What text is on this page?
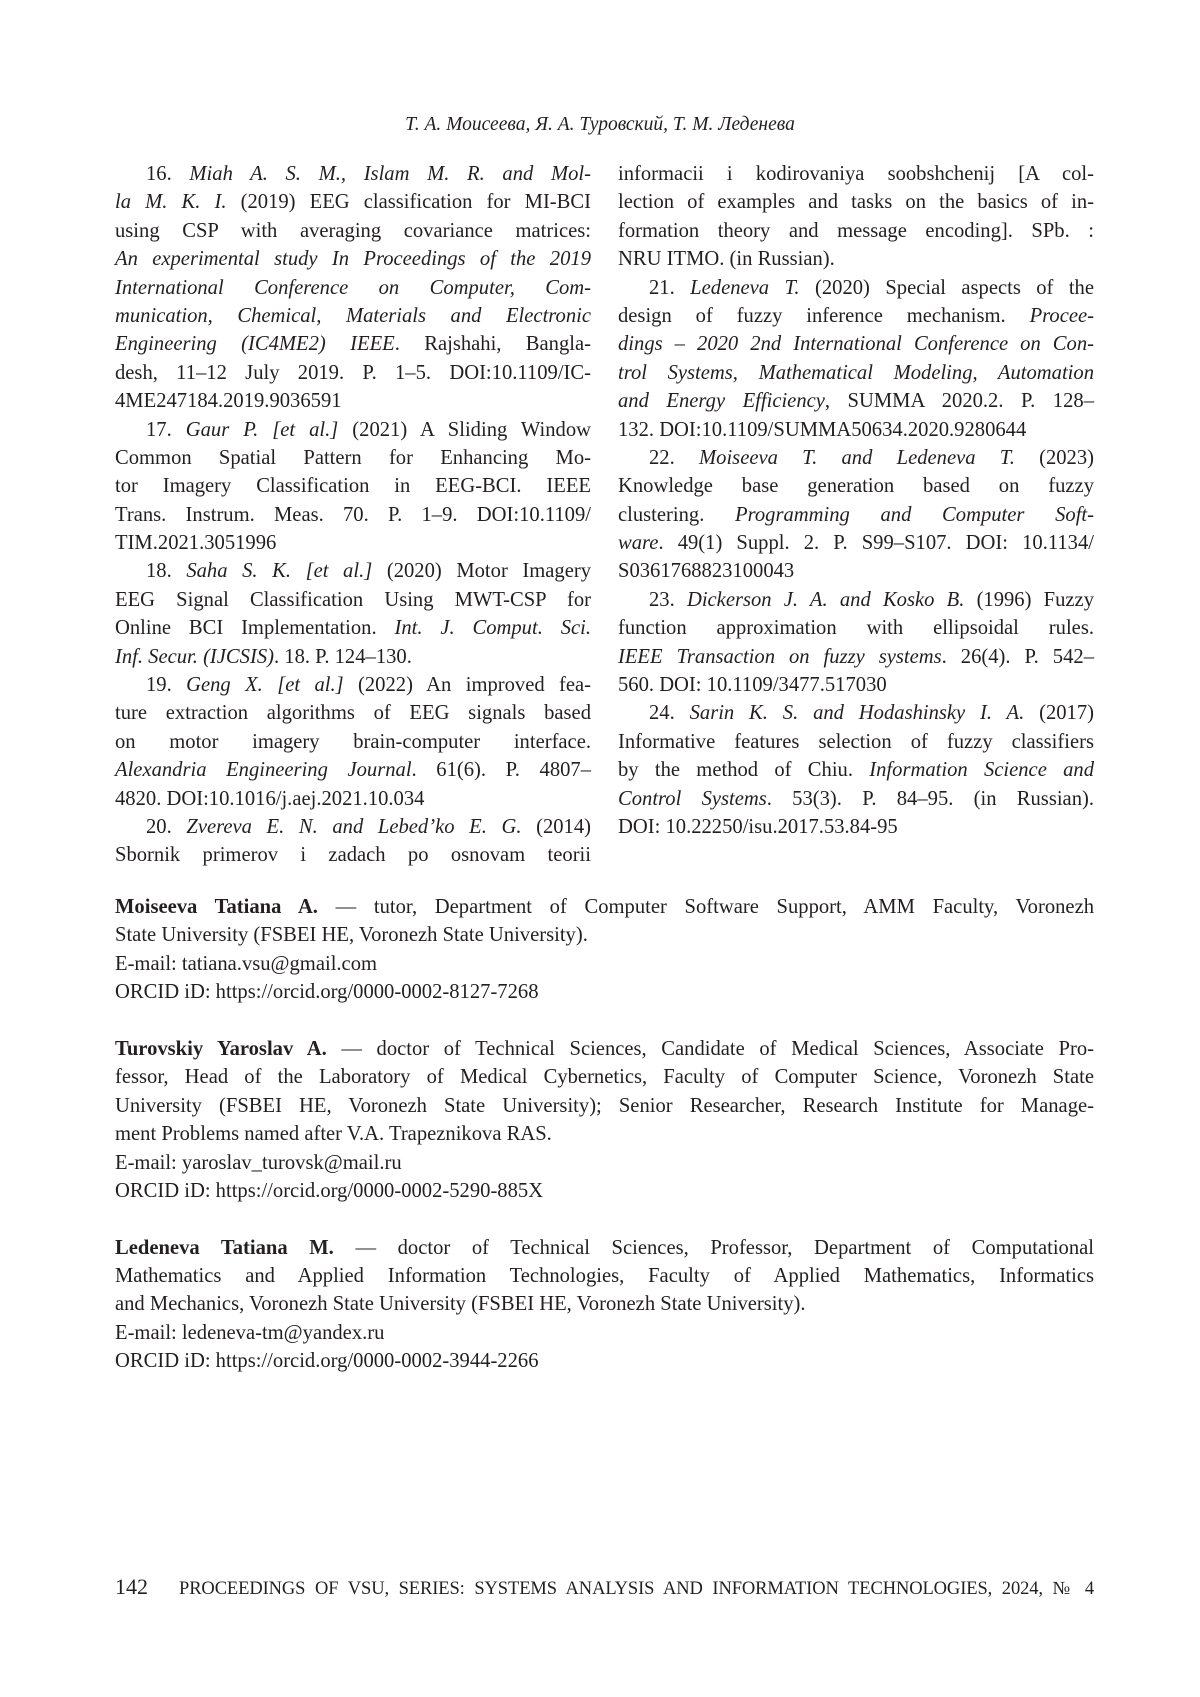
Т. А. Моисеева, Я. А. Туровский, Т. М. Леденева
16. Miah A. S. M., Islam M. R. and Mol-
la M. K. I. (2019) EEG classification for MI-BCI
using CSP with averaging covariance matrices:
An experimental study In Proceedings of the 2019
International Conference on Computer, Com-
munication, Chemical, Materials and Electronic
Engineering (IC4ME2) IEEE. Rajshahi, Bangla-
desh, 11–12 July 2019. P. 1–5. DOI:10.1109/IC-
4ME247184.2019.9036591
17. Gaur P. [et al.] (2021) A Sliding Window
Common Spatial Pattern for Enhancing Mo-
tor Imagery Classification in EEG-BCI. IEEE
Trans. Instrum. Meas. 70. P. 1–9. DOI:10.1109/
TIM.2021.3051996
18. Saha S. K. [et al.] (2020) Motor Imagery
EEG Signal Classification Using MWT-CSP for
Online BCI Implementation. Int. J. Comput. Sci.
Inf. Secur. (IJCSIS). 18. P. 124–130.
19. Geng X. [et al.] (2022) An improved fea-
ture extraction algorithms of EEG signals based
on motor imagery brain-computer interface.
Alexandria Engineering Journal. 61(6). P. 4807–
4820. DOI:10.1016/j.aej.2021.10.034
20. Zvereva E. N. and Lebed’ko E. G. (2014)
Sbornik primerov i zadach po osnovam teorii
informacii i kodirovaniya soobshchenij [A col-
lection of examples and tasks on the basics of in-
formation theory and message encoding]. SPb. :
NRU ITMO. (in Russian).
21. Ledeneva T. (2020) Special aspects of the
design of fuzzy inference mechanism. Procee-
dings – 2020 2nd International Conference on Con-
trol Systems, Mathematical Modeling, Automation
and Energy Efficiency, SUMMA 2020.2. P. 128–
132. DOI:10.1109/SUMMA50634.2020.9280644
22. Moiseeva T. and Ledeneva T. (2023)
Knowledge base generation based on fuzzy
clustering. Programming and Computer Soft-
ware. 49(1) Suppl. 2. P. S99–S107. DOI: 10.1134/
S0361768823100043
23. Dickerson J. A. and Kosko B. (1996) Fuzzy
function approximation with ellipsoidal rules.
IEEE Transaction on fuzzy systems. 26(4). P. 542–
560. DOI: 10.1109/3477.517030
24. Sarin K. S. and Hodashinsky I. A. (2017)
Informative features selection of fuzzy classifiers
by the method of Chiu. Information Science and
Control Systems. 53(3). P. 84–95. (in Russian).
DOI: 10.22250/isu.2017.53.84-95
Moiseeva Tatiana A. — tutor, Department of Computer Software Support, AMM Faculty, Voronezh
State University (FSBEI HE, Voronezh State University).
E-mail: tatiana.vsu@gmail.com
ORCID iD: https://orcid.org/0000-0002-8127-7268
Turovskiy Yaroslav A. — doctor of Technical Sciences, Candidate of Medical Sciences, Associate Pro-
fessor, Head of the Laboratory of Medical Cybernetics, Faculty of Computer Science, Voronezh State
University (FSBEI HE, Voronezh State University); Senior Researcher, Research Institute for Manage-
ment Problems named after V.A. Trapeznikova RAS.
E-mail: yaroslav_turovsk@mail.ru
ORCID iD: https://orcid.org/0000-0002-5290-885X
Ledeneva Tatiana M. — doctor of Technical Sciences, Professor, Department of Computational
Mathematics and Applied Information Technologies, Faculty of Applied Mathematics, Informatics
and Mechanics, Voronezh State University (FSBEI HE, Voronezh State University).
E-mail: ledeneva-tm@yandex.ru
ORCID iD: https://orcid.org/0000-0002-3944-2266
142	PROCEEDINGS OF VSU, SERIES: SYSTEMS ANALYSIS AND INFORMATION TECHNOLOGIES, 2024, № 4
